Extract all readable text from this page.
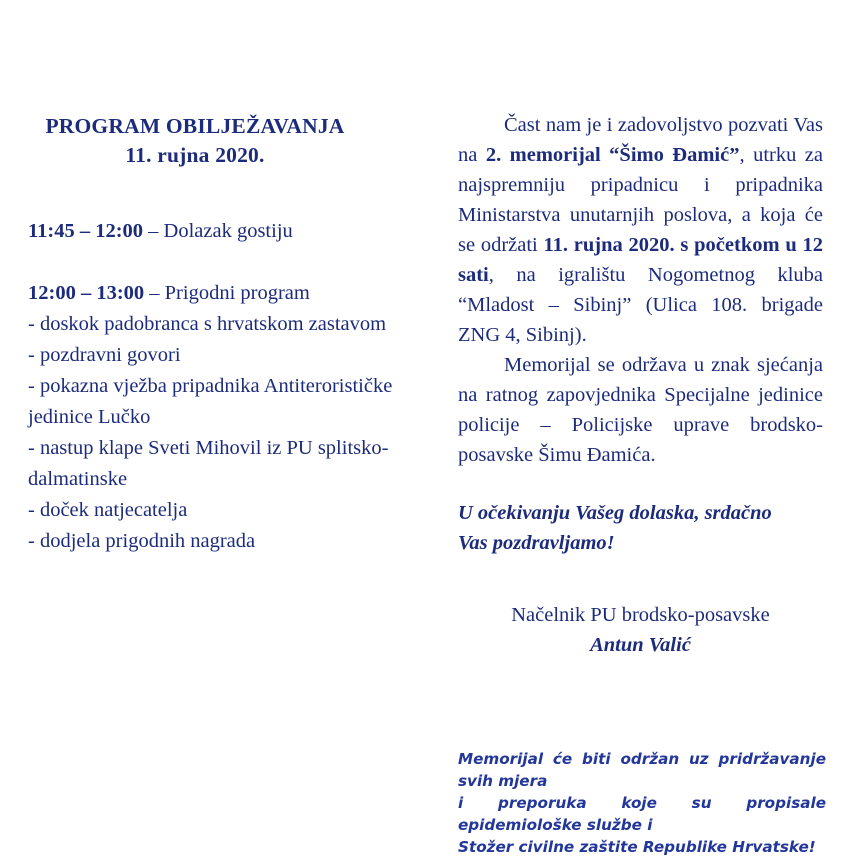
PROGRAM OBILJEŽAVANJA
11. rujna 2020.
11:45 – 12:00 – Dolazak gostiju
12:00 – 13:00 – Prigodni program
- doskok padobranca s hrvatskom zastavom
- pozdravni govori
- pokazna vježba pripadnika Antiterorističke
jedinice Lučko
- nastup klape Sveti Mihovil iz PU splitsko-
dalmatinske
- doček natjecatelja
- dodjela prigodnih nagrada

Čast nam je i zadovoljstvo pozvati Vas na 2. memorijal “Šimo Đamić”, utrku za najspremniju pripadnicu i pripadnika Ministarstva unutarnjih poslova, a koja će se održati 11. rujna 2020. s početkom u 12 sati, na igralištu Nogometnog kluba “Mladost – Sibinj” (Ulica 108. brigade ZNG 4, Sibinj).

Memorijal se održava u znak sjećanja na ratnog zapovjednika Specijalne jedinice policije – Policijske uprave brodsko-posavske Šimu Đamića.

U očekivanju Vašeg dolaska, srdačno
Vas pozdravljamo!
Načelnik PU brodsko-posavske
Antun Valić
Memorijal će biti održan uz pridržavanje svih mjera
i preporuka koje su propisale epidemiološke službe i
Stožer civilne zaštite Republike Hrvatske!
